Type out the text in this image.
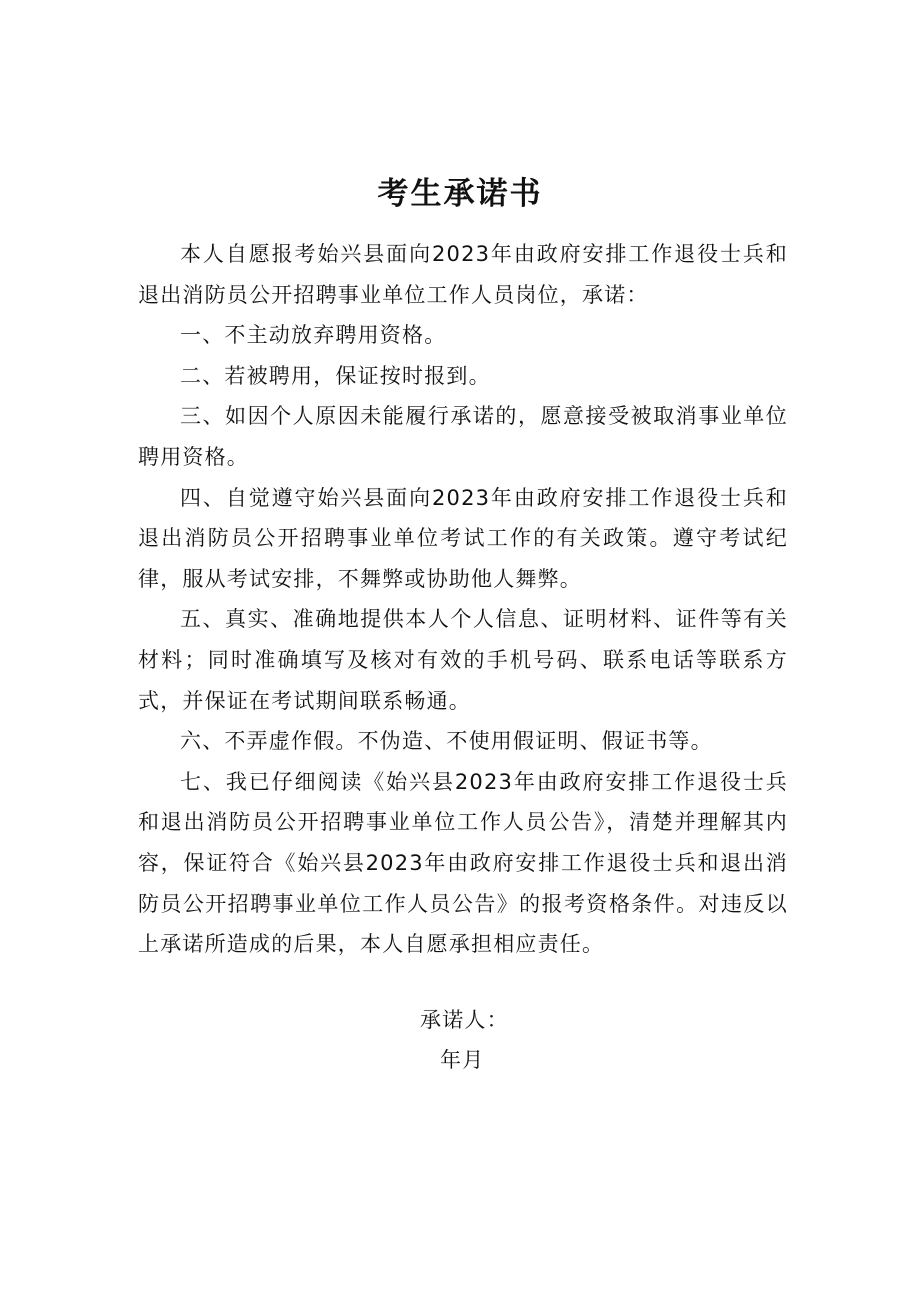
考生承诺书

本人自愿报考始兴县面向2023年由政府安排工作退役士兵和退出消防员公开招聘事业单位工作人员岗位，承诺：

一、不主动放弃聘用资格。

二、若被聘用，保证按时报到。

三、如因个人原因未能履行承诺的，愿意接受被取消事业单位聘用资格。

四、自觉遵守始兴县面向2023年由政府安排工作退役士兵和退出消防员公开招聘事业单位考试工作的有关政策。遵守考试纪律，服从考试安排，不舞弊或协助他人舞弊。

五、真实、准确地提供本人个人信息、证明材料、证件等有关材料；同时准确填写及核对有效的手机号码、联系电话等联系方式，并保证在考试期间联系畅通。

六、不弄虚作假。不伪造、不使用假证明、假证书等。

七、我已仔细阅读《始兴县2023年由政府安排工作退役士兵和退出消防员公开招聘事业单位工作人员公告》，清楚并理解其内容，保证符合《始兴县2023年由政府安排工作退役士兵和退出消防员公开招聘事业单位工作人员公告》的报考资格条件。对违反以上承诺所造成的后果，本人自愿承担相应责任。

承诺人：
年月
